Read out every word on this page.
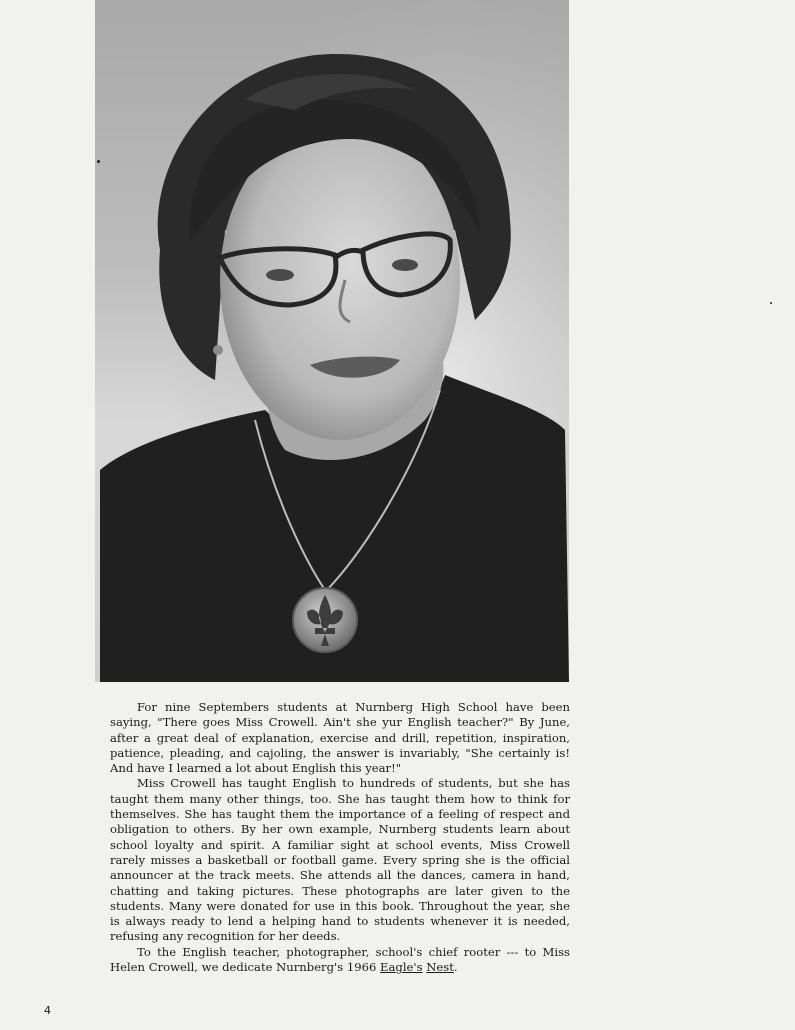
For nine Septembers students at Nurnberg High School have been saying, "There goes Miss Crowell. Ain't she yur English teacher?" By June, after a great deal of explanation, exercise and drill, repetition, inspiration, patience, pleading, and cajoling, the answer is invariably, "She certainly is! And have I learned a lot about English this year!"

Miss Crowell has taught English to hundreds of students, but she has taught them many other things, too. She has taught them how to think for themselves. She has taught them the importance of a feeling of respect and obligation to others. By her own example, Nurnberg students learn about school loyalty and spirit. A familiar sight at school events, Miss Crowell rarely misses a basketball or football game. Every spring she is the official announcer at the track meets. She attends all the dances, camera in hand, chatting and taking pictures. These photographs are later given to the students. Many were donated for use in this book. Throughout the year, she is always ready to lend a helping hand to students whenever it is needed, refusing any recognition for her deeds.

To the English teacher, photographer, school's chief rooter --- to Miss Helen Crowell, we dedicate Nurnberg's 1966 Eagle's Nest.

4
